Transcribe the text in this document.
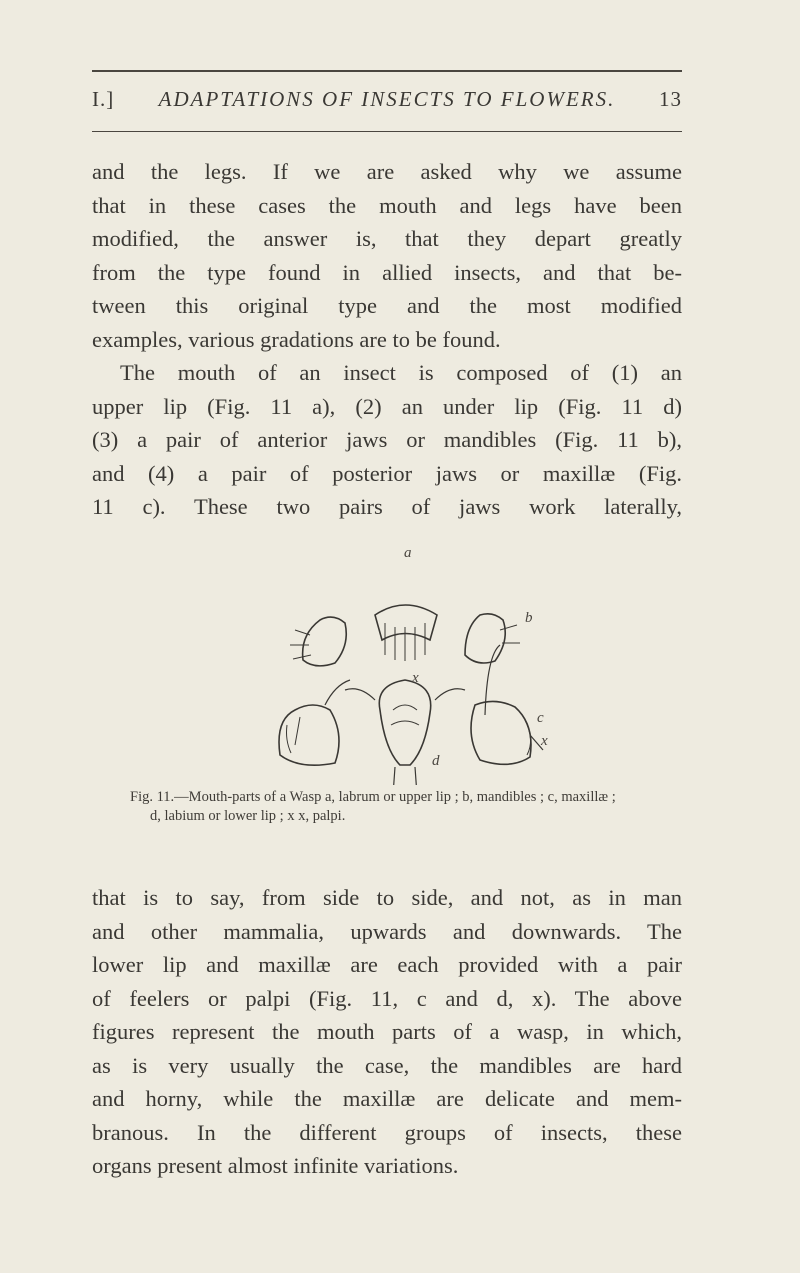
I.]	ADAPTATIONS OF INSECTS TO FLOWERS.	13
and the legs. If we are asked why we assume
that in these cases the mouth and legs have been
modified, the answer is, that they depart greatly
from the type found in allied insects, and that be-
tween this original type and the most modified
examples, various gradations are to be found.
The mouth of an insect is composed of (1) an
upper lip (Fig. 11 a), (2) an under lip (Fig. 11 d)
(3) a pair of anterior jaws or mandibles (Fig. 11 b),
and (4) a pair of posterior jaws or maxillæ (Fig.
11 c). These two pairs of jaws work laterally,
a
b
x
c
x
d
Fig. 11.—Mouth-parts of a Wasp a, labrum or upper lip ; b, mandibles ; c, maxillæ ;
d, labium or lower lip ; x x, palpi.
that is to say, from side to side, and not, as in man
and other mammalia, upwards and downwards. The
lower lip and maxillæ are each provided with a pair
of feelers or palpi (Fig. 11, c and d, x). The above
figures represent the mouth parts of a wasp, in which,
as is very usually the case, the mandibles are hard
and horny, while the maxillæ are delicate and mem-
branous. In the different groups of insects, these
organs present almost infinite variations.
